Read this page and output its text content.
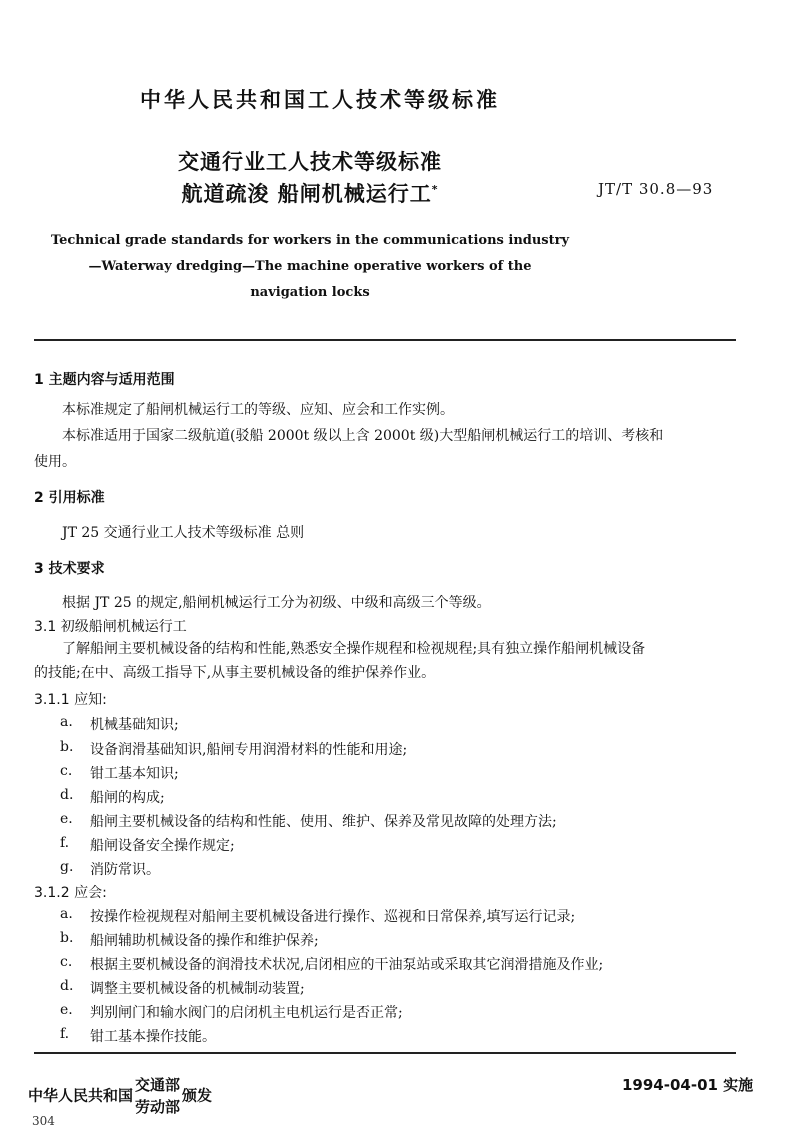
中华人民共和国工人技术等级标准
交通行业工人技术等级标准
航道疏浚 船闸机械运行工*	JT/T 30.8—93
Technical grade standards for workers in the communications industry
—Waterway dredging—The machine operative workers of the
navigation locks
1 主题内容与适用范围
本标准规定了船闸机械运行工的等级、应知、应会和工作实例。
本标准适用于国家二级航道(驳船 2000t 级以上含 2000t 级)大型船闸机械运行工的培训、考核和
使用。
2 引用标准
JT 25 交通行业工人技术等级标准 总则
3 技术要求
根据 JT 25 的规定,船闸机械运行工分为初级、中级和高级三个等级。
3.1 初级船闸机械运行工
了解船闸主要机械设备的结构和性能,熟悉安全操作规程和检视规程;具有独立操作船闸机械设备
的技能;在中、高级工指导下,从事主要机械设备的维护保养作业。
3.1.1 应知:
a. 机械基础知识;
b. 设备润滑基础知识,船闸专用润滑材料的性能和用途;
c. 钳工基本知识;
d. 船闸的构成;
e. 船闸主要机械设备的结构和性能、使用、维护、保养及常见故障的处理方法;
f. 船闸设备安全操作规定;
g. 消防常识。
3.1.2 应会:
a. 按操作检视规程对船闸主要机械设备进行操作、巡视和日常保养,填写运行记录;
b. 船闸辅助机械设备的操作和维护保养;
c. 根据主要机械设备的润滑技术状况,启闭相应的干油泵站或采取其它润滑措施及作业;
d. 调整主要机械设备的机械制动装置;
e. 判别闸门和输水阀门的启闭机主电机运行是否正常;
f. 钳工基本操作技能。
中华人民共和国
交通部
劳动部
颁发
1994-04-01 实施
304
